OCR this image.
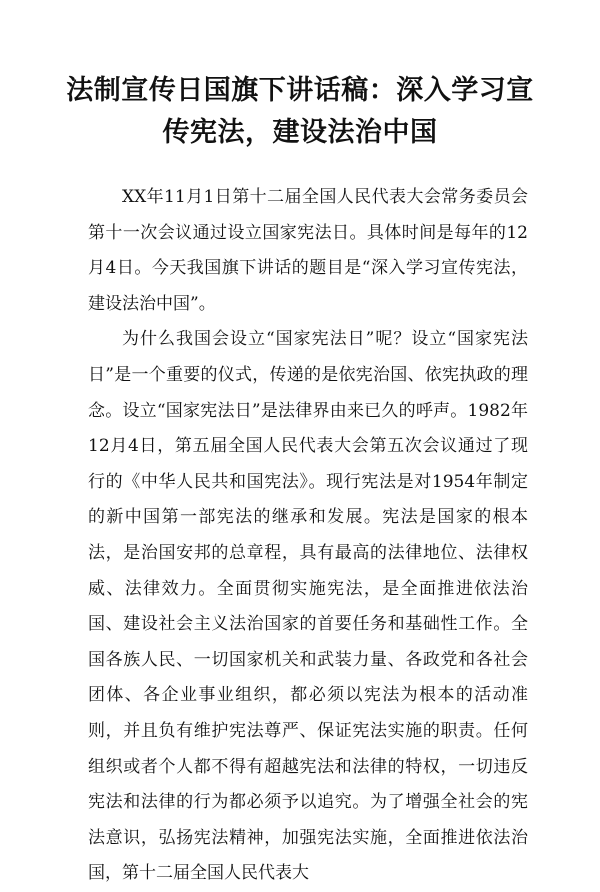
法制宣传日国旗下讲话稿：深入学习宣
传宪法，建设法治中国

XX年11月1日第十二届全国人民代表大会常务委员会第十一次会议通过设立国家宪法日。具体时间是每年的12月4日。今天我国旗下讲话的题目是“深入学习宣传宪法，建设法治中国”。

为什么我国会设立“国家宪法日”呢？设立“国家宪法日”是一个重要的仪式，传递的是依宪治国、依宪执政的理念。设立“国家宪法日”是法律界由来已久的呼声。1982年12月4日，第五届全国人民代表大会第五次会议通过了现行的《中华人民共和国宪法》。现行宪法是对1954年制定的新中国第一部宪法的继承和发展。宪法是国家的根本法，是治国安邦的总章程，具有最高的法律地位、法律权威、法律效力。全面贯彻实施宪法，是全面推进依法治国、建设社会主义法治国家的首要任务和基础性工作。全国各族人民、一切国家机关和武装力量、各政党和各社会团体、各企业事业组织，都必须以宪法为根本的活动准则，并且负有维护宪法尊严、保证宪法实施的职责。任何组织或者个人都不得有超越宪法和法律的特权，一切违反宪法和法律的行为都必须予以追究。为了增强全社会的宪法意识，弘扬宪法精神，加强宪法实施，全面推进依法治国，第十二届全国人民代表大
